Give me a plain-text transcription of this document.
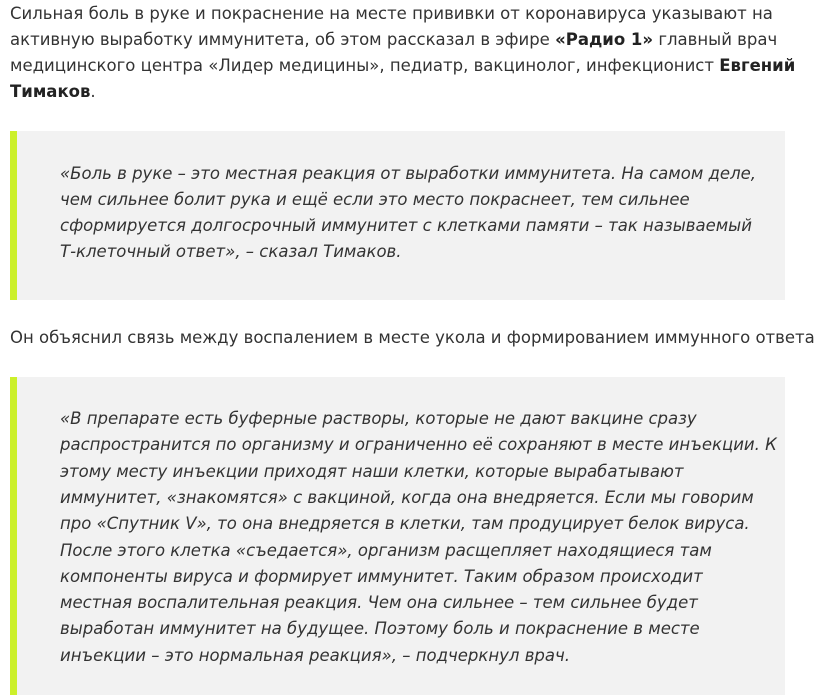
Сильная боль в руке и покраснение на месте прививки от коронавируса указывают на

активную выработку иммунитета, об этом рассказал в эфире «Радио 1» главный врач

медицинского центра «Лидер медицины», педиатр, вакцинолог, инфекционист Евгений

Тимаков.

«Боль в руке – это местная реакция от выработки иммунитета. На самом деле,

чем сильнее болит рука и ещё если это место покраснеет, тем сильнее

сформируется долгосрочный иммунитет с клетками памяти – так называемый

Т-клеточный ответ», – сказал Тимаков.

Он объяснил связь между воспалением в месте укола и формированием иммунного ответа

«В препарате есть буферные растворы, которые не дают вакцине сразу

распространится по организму и ограниченно её сохраняют в месте инъекции. К

этому месту инъекции приходят наши клетки, которые вырабатывают

иммунитет, «знакомятся» с вакциной, когда она внедряется. Если мы говорим

про «Спутник V», то она внедряется в клетки, там продуцирует белок вируса.

После этого клетка «съедается», организм расщепляет находящиеся там

компоненты вируса и формирует иммунитет. Таким образом происходит

местная воспалительная реакция. Чем она сильнее – тем сильнее будет

выработан иммунитет на будущее. Поэтому боль и покраснение в месте

инъекции – это нормальная реакция», – подчеркнул врач.
